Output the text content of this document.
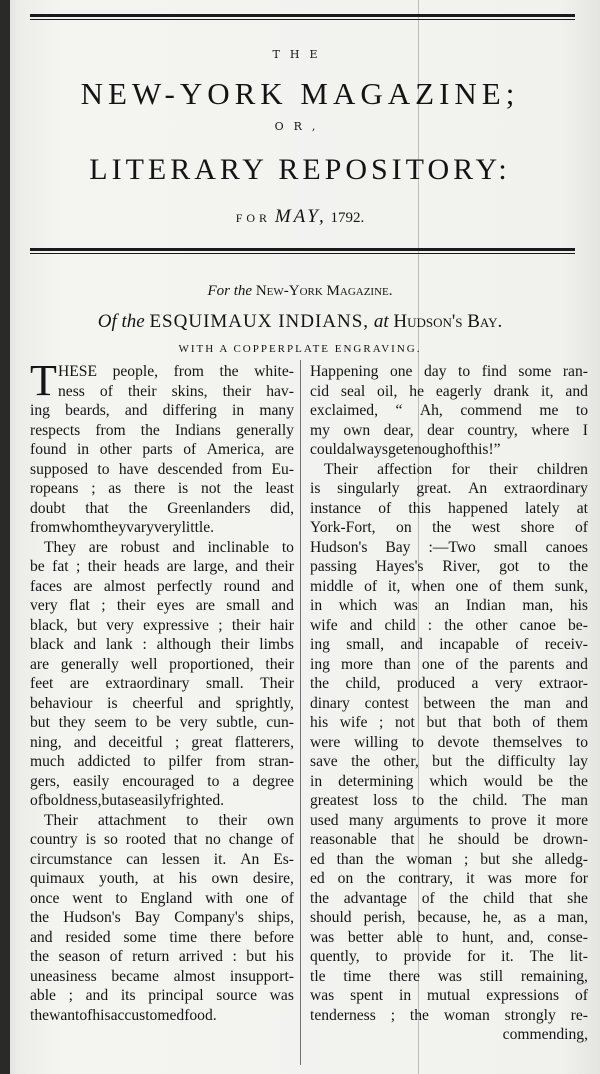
THE
NEW-YORK MAGAZINE;
OR,
LITERARY REPOSITORY:
FOR MAY, 1792.
For the New-York Magazine.
Of the ESQUIMAUX INDIANS, at Hudson's Bay.
WITH A COPPERPLATE ENGRAVING.
T HESE people, from the white-
ness of their skins, their hav-
ing beards, and differing in many
respects from the Indians generally
found in other parts of America, are
supposed to have descended from Eu-
ropeans ; as there is not the least
doubt that the Greenlanders did,
from whom they vary very little.
They are robust and inclinable to
be fat ; their heads are large, and their
faces are almost perfectly round and
very flat ; their eyes are small and
black, but very expressive ; their hair
black and lank : although their limbs
are generally well proportioned, their
feet are extraordinary small. Their
behaviour is cheerful and sprightly,
but they seem to be very subtle, cun-
ning, and deceitful ; great flatterers,
much addicted to pilfer from stran-
gers, easily encouraged to a degree
of boldness, but as easily frighted.
Their attachment to their own
country is so rooted that no change of
circumstance can lessen it. An Es-
quimaux youth, at his own desire,
once went to England with one of
the Hudson's Bay Company's ships,
and resided some time there before
the season of return arrived : but his
uneasiness became almost insupport-
able ; and its principal source was
the want of his accustomed food.
Happening one day to find some ran-
cid seal oil, he eagerly drank it, and
exclaimed, “ Ah, commend me to
my own dear, dear country, where I
could always get enough of this!”
Their affection for their children
is singularly great. An extraordinary
instance of this happened lately at
York-Fort, on the west shore of
Hudson's Bay :—Two small canoes
passing Hayes's River, got to the
middle of it, when one of them sunk,
in which was an Indian man, his
wife and child : the other canoe be-
ing small, and incapable of receiv-
ing more than one of the parents and
the child, produced a very extraor-
dinary contest between the man and
his wife ; not but that both of them
were willing to devote themselves to
save the other, but the difficulty lay
in determining which would be the
greatest loss to the child. The man
used many arguments to prove it more
reasonable that he should be drown-
ed than the woman ; but she alledg-
ed on the contrary, it was more for
the advantage of the child that she
should perish, because, he, as a man,
was better able to hunt, and, conse-
quently, to provide for it. The lit-
tle time there was still remaining,
was spent in mutual expressions of
tenderness ; the woman strongly re-
commending,
